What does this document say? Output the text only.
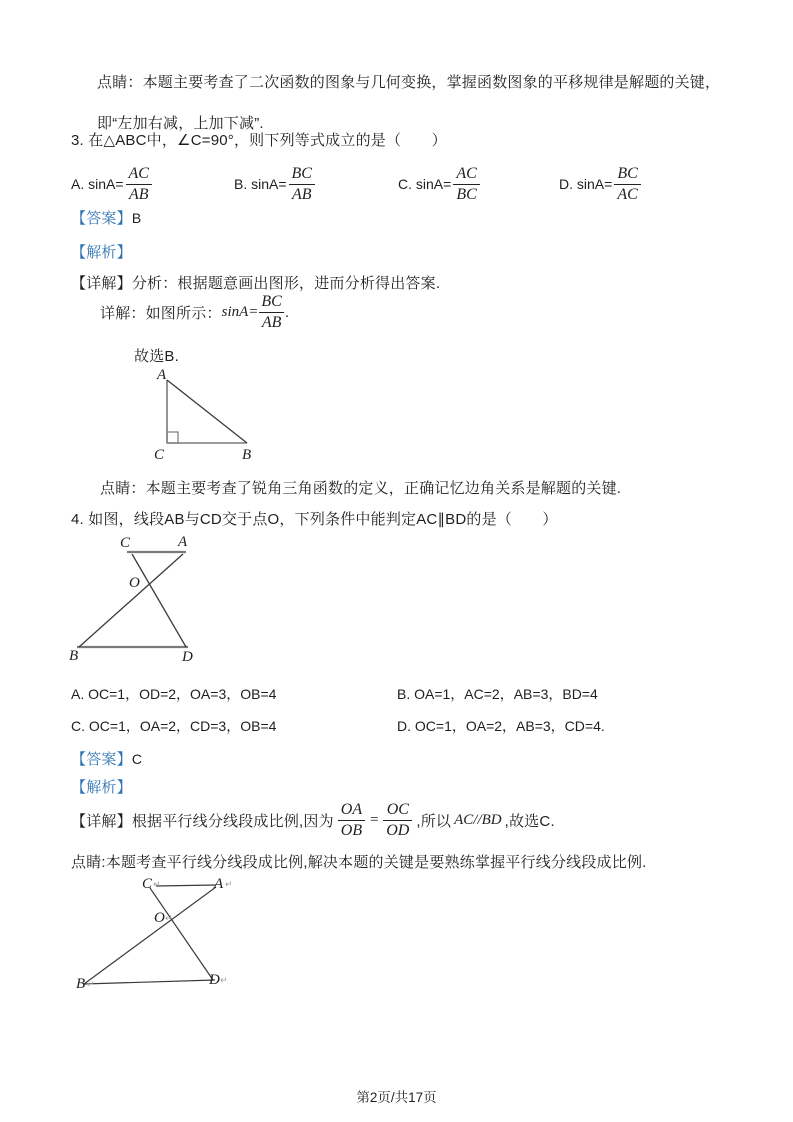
点睛：本题主要考查了二次函数的图象与几何变换，掌握函数图象的平移规律是解题的关键，即“左加右减，上加下减”.
3. 在△ABC中，∠C=90°，则下列等式成立的是（　　）
A. $\sin A= \frac{AC}{AB}$	B. $\sin A= \frac{BC}{AB}$	C. $\sin A= \frac{AC}{BC}$	D. $\sin A= \frac{BC}{AC}$
【答案】B
【解析】
【详解】分析：根据题意画出图形，进而分析得出答案.
详解：如图所示： $\sin A= \frac{BC}{AB}$ .
故选B.
A
C	B
点睛：本题主要考查了锐角三角函数的定义，正确记忆边角关系是解题的关键.
4. 如图，线段AB与CD交于点O，下列条件中能判定AC∥BD的是（　　）
C	A
O
B	D
A. OC=1，OD=2，OA=3，OB=4	B. OA=1，AC=2，AB=3，BD=4
C. OC=1，OA=2，CD=3，OB=4	D. OC=1，OA=2，AB=3，CD=4.
【答案】C
【解析】
【详解】 根据平行线分线段成比例,因为 $\frac{OA}{OB} = \frac{OC}{OD}$ ,所以 AC//BD ,故选C.
点睛:本题考查平行线分线段成比例,解决本题的关键是要熟练掌握平行线分线段成比例.
C	A
O
B	D
↵	↵
↵
↵	↵
第2页/共17页
